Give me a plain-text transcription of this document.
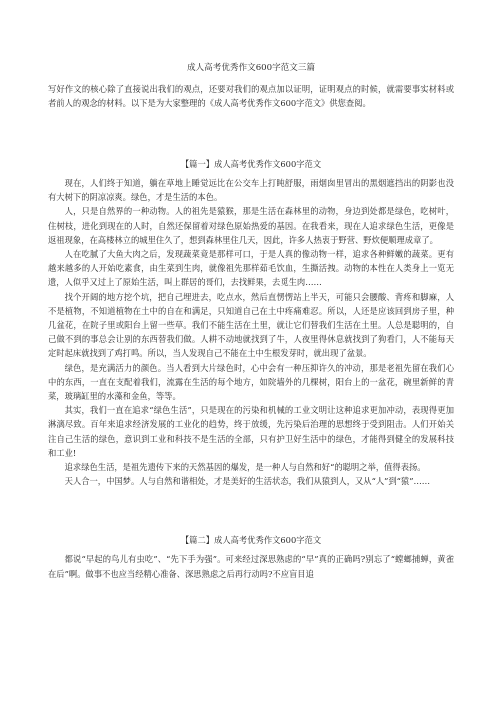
成人高考优秀作文600字范文三篇

写好作文的核心除了直接说出我们的观点，还要对我们的观点加以证明，证明观点的时候，就需要事实材料或者前人的观念的材料。以下是为大家整理的《成人高考优秀作文600字范文》供您查阅。

【篇一】成人高考优秀作文600字范文

现在，人们终于知道，躺在草地上睡觉远比在公交车上打盹舒服，雨烟囱里冒出的黑烟遮挡出的阴影也没有大树下的阴凉凉爽。绿色，才是生活的本色。

人，只是自然界的一种动物。人的祖先是猿猴，那是生活在森林里的动物，身边到处都是绿色，吃树叶，住树枝，进化到现在的人时，自然还保留着对绿色原始热爱的基因。在我看来，现在人追求绿色生活，更像是返祖现象，在高楼林立的城里住久了，想到森林里住几天，因此，许多人热衷于野营、野炊便顺理成章了。

人在吃腻了大鱼大肉之后，发现蔬菜竟是那样可口，于是人真的像动物一样，追求各种鲜嫩的蔬菜。更有越来越多的人开始吃素食，由生菜到生肉，就像祖先那样茹毛饮血，生撕活拽。动物的本性在人类身上一览无遗，人似乎又过上了原始生活，叫上群居的哥们，去找鲜果，去觅生肉……

找个开阔的地方挖个坑，把自己埋进去，吃点水，然后直愣愣站上半天，可能只会腰酸、背疼和脚麻，人不是植物，不知道植物在土中的自在和满足，只知道自己在土中疼痛难忍。所以，人还是应该回到房子里，种几盆花，在院子里或阳台上留一些草。我们不能生活在土里，就让它们替我们生活在土里。人总是聪明的，自己做不到的事总会让别的东西替我们做。人耕不动地就找到了牛，人夜里得休息就找到了狗看门，人不能每天定时起床就找到了鸡打鸣。所以，当人发现自己不能在土中生根发芽时，就出现了盆景。

绿色，是充满活力的颜色。当人看到大片绿色时，心中会有一种压抑许久的冲动，那是老祖先留在我们心中的东西，一直在支配着我们，流露在生活的每个地方，如院墙外的几棵树，阳台上的一盆花，碗里新鲜的青菜，玻璃缸里的水藻和金鱼，等等。

其实，我们一直在追求“绿色生活”，只是现在的污染和机械的工业文明让这种追求更加冲动，表现得更加淋漓尽致。百年来追求经济发展的工业化的趋势，终于放缓，先污染后治理的思想终于受到阻击。人们开始关注自己生活的绿色，意识到工业和科技不是生活的全部，只有护卫好生活中的绿色，才能得到健全的发展科技和工业!

追求绿色生活，是祖先遗传下来的天然基因的爆发，是一种人与自然和好“的聪明之举，值得表扬。

天人合一，中国梦。人与自然和谐相处，才是美好的生活状态，我们从猿到人，又从“人”到“猿”……

【篇二】成人高考优秀作文600字范文

都说“早起的鸟儿有虫吃”、“先下手为强”。可来经过深思熟虑的“早”真的正确吗?别忘了“螳螂捕蝉，黄雀在后”啊。做事不也应当经精心准备、深思熟虑之后再行动吗?不应盲目追
